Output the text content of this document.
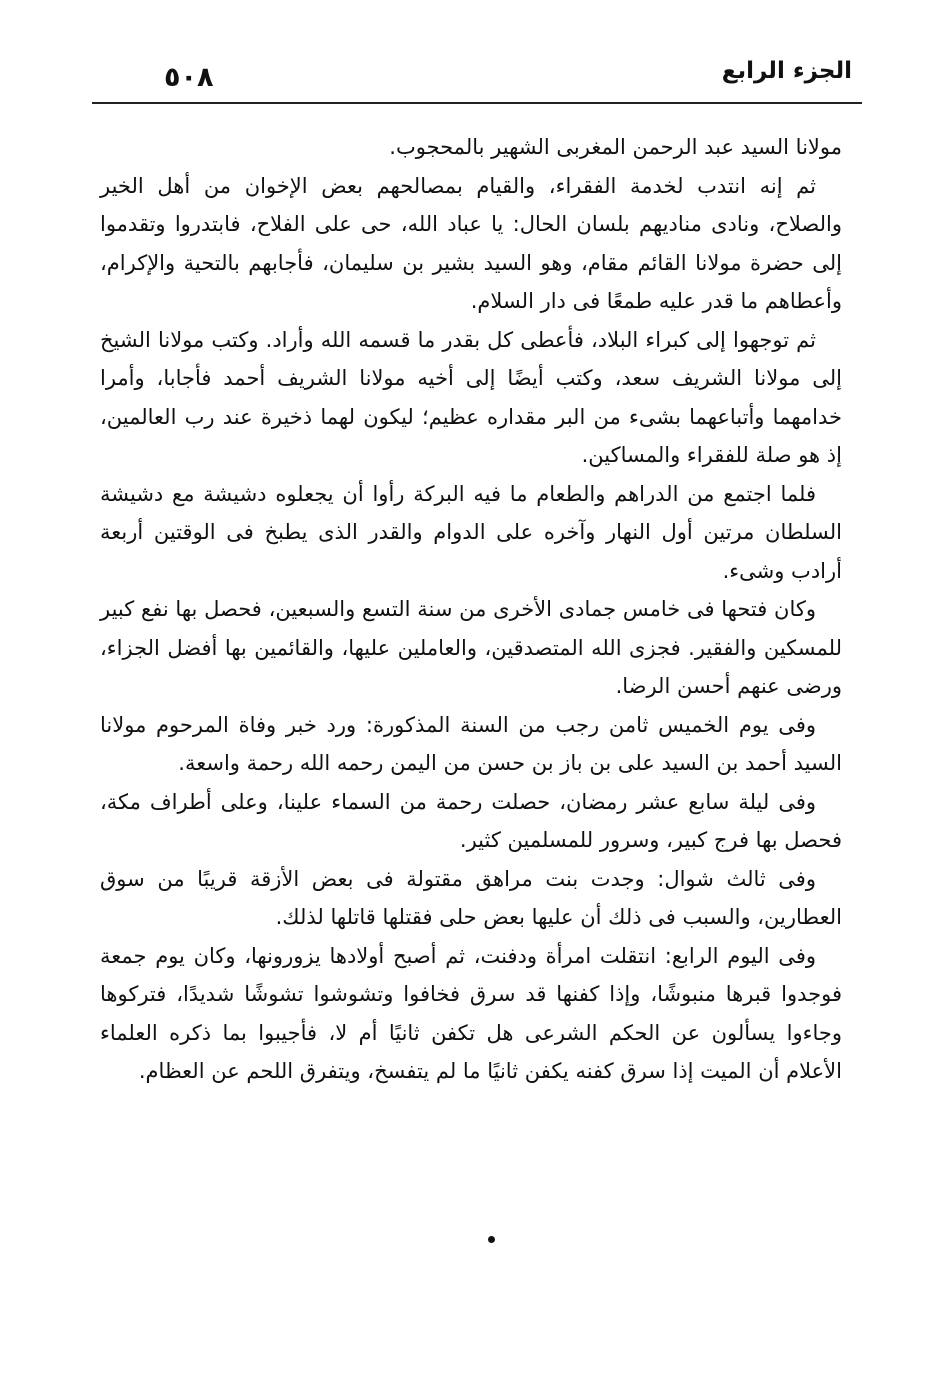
٥٠٨	الجزء الرابع

مولانا السيد عبد الرحمن المغربى الشهير بالمحجوب.

ثم إنه انتدب لخدمة الفقراء، والقيام بمصالحهم بعض الإخوان من أهل الخير والصلاح، ونادى مناديهم بلسان الحال: يا عباد الله، حى على الفلاح، فابتدروا وتقدموا إلى حضرة مولانا القائم مقام، وهو السيد بشير بن سليمان، فأجابهم بالتحية والإكرام، وأعطاهم ما قدر عليه طمعًا فى دار السلام.

ثم توجهوا إلى كبراء البلاد، فأعطى كل بقدر ما قسمه الله وأراد. وكتب مولانا الشيخ إلى مولانا الشريف سعد، وكتب أيضًا إلى أخيه مولانا الشريف أحمد فأجابا، وأمرا خدامهما وأتباعهما بشىء من البر مقداره عظيم؛ ليكون لهما ذخيرة عند رب العالمين، إذ هو صلة للفقراء والمساكين.

فلما اجتمع من الدراهم والطعام ما فيه البركة رأوا أن يجعلوه دشيشة مع دشيشة السلطان مرتين أول النهار وآخره على الدوام والقدر الذى يطبخ فى الوقتين أربعة أرادب وشىء.

وكان فتحها فى خامس جمادى الأخرى من سنة التسع والسبعين، فحصل بها نفع كبير للمسكين والفقير. فجزى الله المتصدقين، والعاملين عليها، والقائمين بها أفضل الجزاء، ورضى عنهم أحسن الرضا.

وفى يوم الخميس ثامن رجب من السنة المذكورة: ورد خبر وفاة المرحوم مولانا السيد أحمد بن السيد على بن باز بن حسن من اليمن رحمه الله رحمة واسعة.

وفى ليلة سابع عشر رمضان، حصلت رحمة من السماء علينا، وعلى أطراف مكة، فحصل بها فرج كبير، وسرور للمسلمين كثير.

وفى ثالث شوال: وجدت بنت مراهق مقتولة فى بعض الأزقة قريبًا من سوق العطارين، والسبب فى ذلك أن عليها بعض حلى فقتلها قاتلها لذلك.

وفى اليوم الرابع: انتقلت امرأة ودفنت، ثم أصبح أولادها يزورونها، وكان يوم جمعة فوجدوا قبرها منبوشًا، وإذا كفنها قد سرق فخافوا وتشوشوا تشوشًا شديدًا، فتركوها وجاءوا يسألون عن الحكم الشرعى هل تكفن ثانيًا أم لا، فأجيبوا بما ذكره العلماء الأعلام أن الميت إذا سرق كفنه يكفن ثانيًا ما لم يتفسخ، ويتفرق اللحم عن العظام.
